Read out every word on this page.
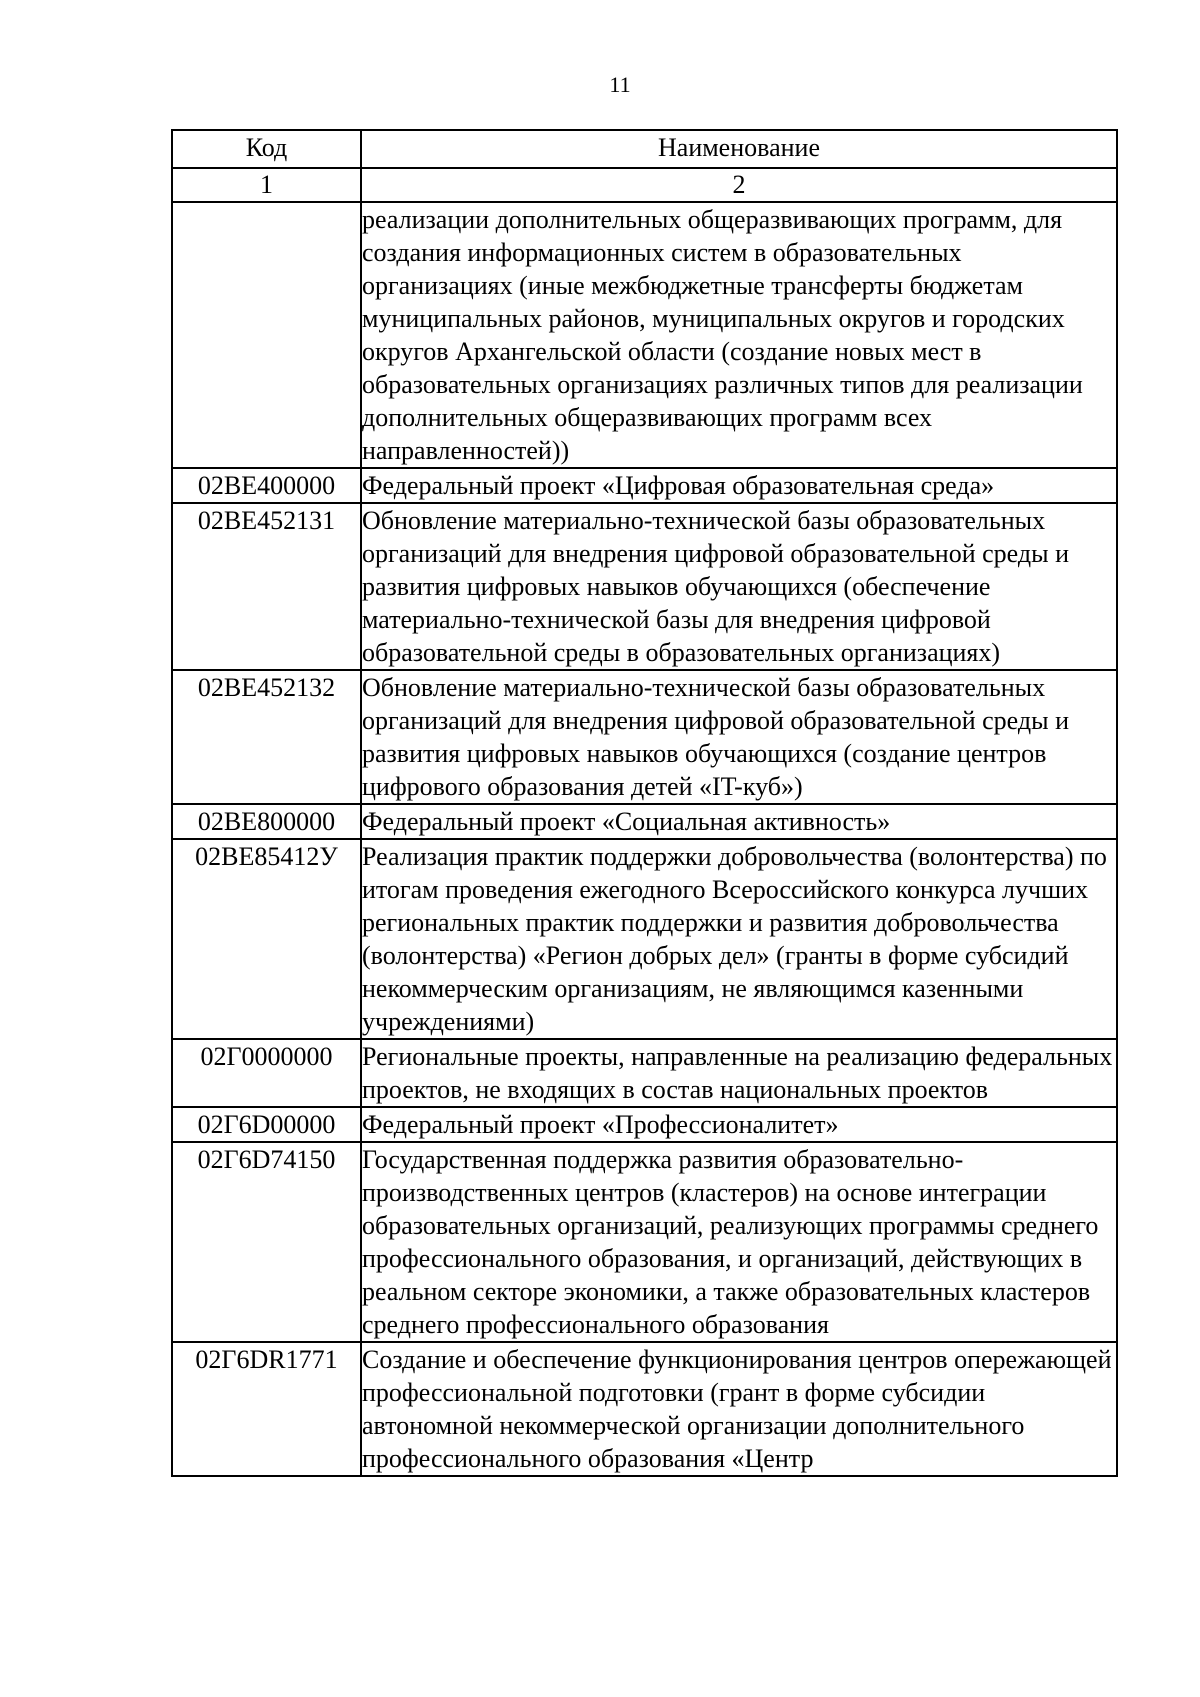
11
Код	Наименование
1	2
	реализации дополнительных общеразвивающих программ, для создания информационных систем в образовательных организациях (иные межбюджетные трансферты бюджетам муниципальных районов, муниципальных округов и городских округов Архангельской области (создание новых мест в образовательных организациях различных типов для реализации дополнительных общеразвивающих программ всех направленностей))
02ВЕ400000	Федеральный проект «Цифровая образовательная среда»
02ВЕ452131	Обновление материально-технической базы образовательных организаций для внедрения цифровой образовательной среды и развития цифровых навыков обучающихся (обеспечение материально-технической базы для внедрения цифровой образовательной среды в образовательных организациях)
02ВЕ452132	Обновление материально-технической базы образовательных организаций для внедрения цифровой образовательной среды и развития цифровых навыков обучающихся (создание центров цифрового образования детей «IT-куб»)
02ВЕ800000	Федеральный проект «Социальная активность»
02ВЕ85412У	Реализация практик поддержки добровольчества (волонтерства) по итогам проведения ежегодного Всероссийского конкурса лучших региональных практик поддержки и развития добровольчества (волонтерства) «Регион добрых дел» (гранты в форме субсидий некоммерческим организациям, не являющимся казенными учреждениями)
02Г0000000	Региональные проекты, направленные на реализацию федеральных проектов, не входящих в состав национальных проектов
02Г6D00000	Федеральный проект «Профессионалитет»
02Г6D74150	Государственная поддержка развития образовательно-производственных центров (кластеров) на основе интеграции образовательных организаций, реализующих программы среднего профессионального образования, и организаций, действующих в реальном секторе экономики, а также образовательных кластеров среднего профессионального образования
02Г6DR1771	Создание и обеспечение функционирования центров опережающей профессиональной подготовки (грант в форме субсидии автономной некоммерческой организации дополнительного профессионального образования «Центр
